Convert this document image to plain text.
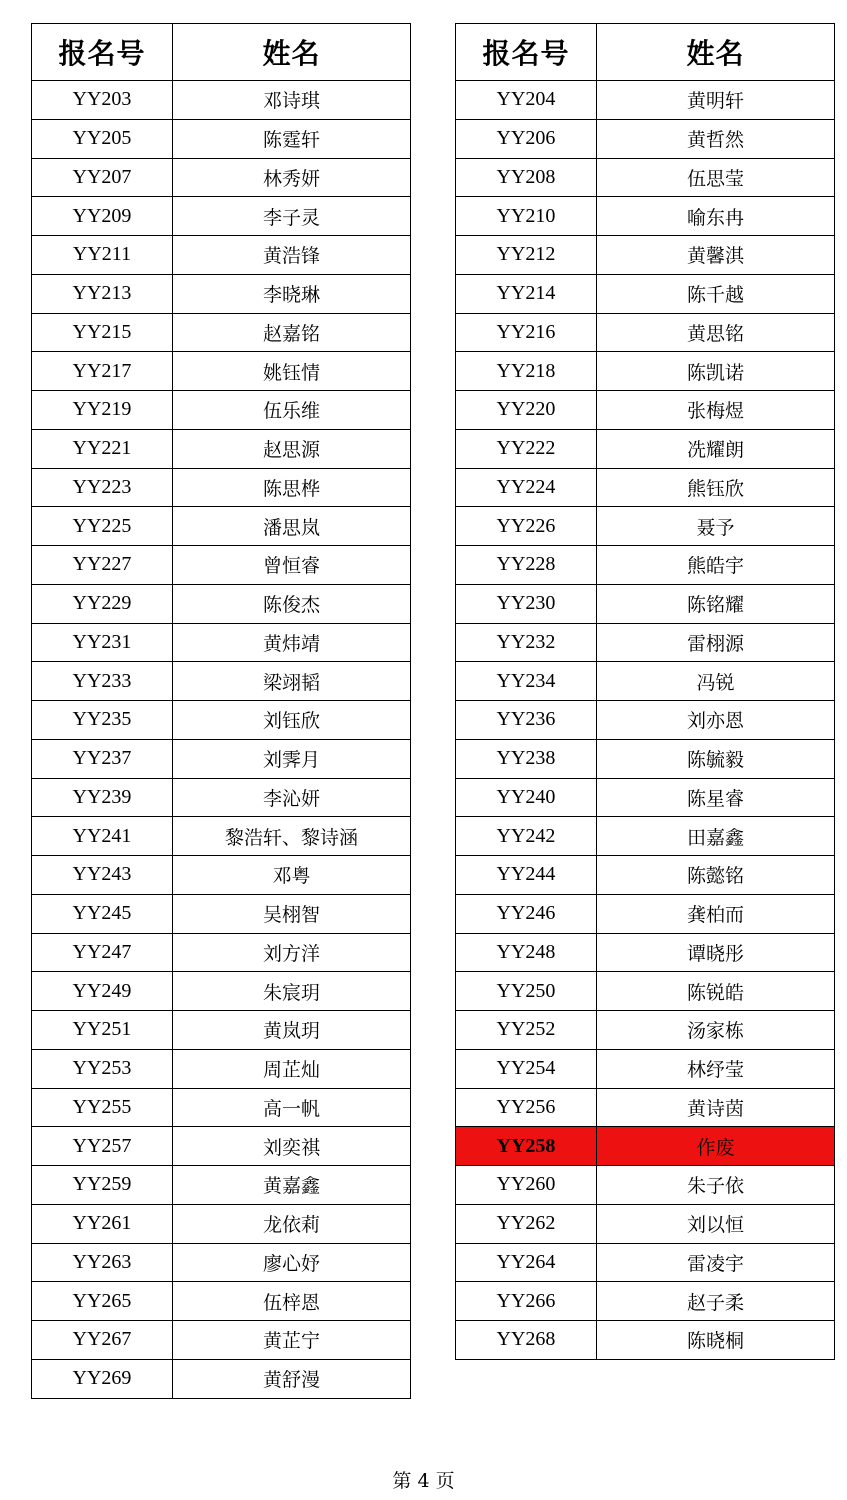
报名号	姓名
YY203	邓诗琪
YY205	陈霆轩
YY207	林秀妍
YY209	李子灵
YY211	黄浩锋
YY213	李晓琳
YY215	赵嘉铭
YY217	姚钰情
YY219	伍乐维
YY221	赵思源
YY223	陈思桦
YY225	潘思岚
YY227	曾恒睿
YY229	陈俊杰
YY231	黄炜靖
YY233	梁翊韬
YY235	刘钰欣
YY237	刘霁月
YY239	李沁妍
YY241	黎浩轩、黎诗涵
YY243	邓粤
YY245	吴栩智
YY247	刘方洋
YY249	朱宸玥
YY251	黄岚玥
YY253	周芷灿
YY255	高一帆
YY257	刘奕祺
YY259	黄嘉鑫
YY261	龙依莉
YY263	廖心妤
YY265	伍梓恩
YY267	黄芷宁
YY269	黄舒漫
报名号	姓名
YY204	黄明轩
YY206	黄哲然
YY208	伍思莹
YY210	喻东冉
YY212	黄馨淇
YY214	陈千越
YY216	黄思铭
YY218	陈凯诺
YY220	张梅煜
YY222	冼耀朗
YY224	熊钰欣
YY226	聂予
YY228	熊皓宇
YY230	陈铭耀
YY232	雷栩源
YY234	冯锐
YY236	刘亦恩
YY238	陈毓毅
YY240	陈星睿
YY242	田嘉鑫
YY244	陈懿铭
YY246	龚柏而
YY248	谭晓彤
YY250	陈锐皓
YY252	汤家栋
YY254	林纾莹
YY256	黄诗茵
YY258	作废
YY260	朱子依
YY262	刘以恒
YY264	雷凌宇
YY266	赵子柔
YY268	陈晓桐
第 4 页
